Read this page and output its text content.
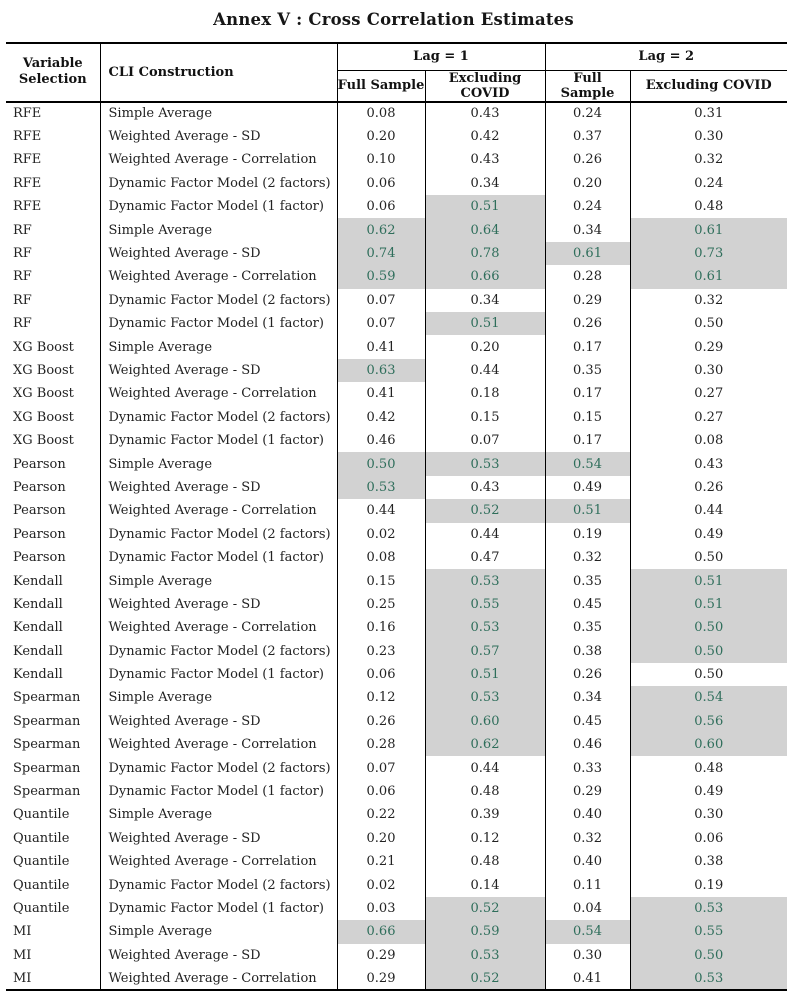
Annex V : Cross Correlation Estimates
Variable Selection	CLI Construction	Lag = 1		Lag = 2	
		Full Sample	Excluding COVID	Full Sample	Excluding COVID
RFE	Simple Average	0.08	0.43	0.24	0.31
RFE	Weighted Average - SD	0.20	0.42	0.37	0.30
RFE	Weighted Average - Correlation	0.10	0.43	0.26	0.32
RFE	Dynamic Factor Model (2 factors)	0.06	0.34	0.20	0.24
RFE	Dynamic Factor Model (1 factor)	0.06	0.51	0.24	0.48
RF	Simple Average	0.62	0.64	0.34	0.61
RF	Weighted Average - SD	0.74	0.78	0.61	0.73
RF	Weighted Average - Correlation	0.59	0.66	0.28	0.61
RF	Dynamic Factor Model (2 factors)	0.07	0.34	0.29	0.32
RF	Dynamic Factor Model (1 factor)	0.07	0.51	0.26	0.50
XG Boost	Simple Average	0.41	0.20	0.17	0.29
XG Boost	Weighted Average - SD	0.63	0.44	0.35	0.30
XG Boost	Weighted Average - Correlation	0.41	0.18	0.17	0.27
XG Boost	Dynamic Factor Model (2 factors)	0.42	0.15	0.15	0.27
XG Boost	Dynamic Factor Model (1 factor)	0.46	0.07	0.17	0.08
Pearson	Simple Average	0.50	0.53	0.54	0.43
Pearson	Weighted Average - SD	0.53	0.43	0.49	0.26
Pearson	Weighted Average - Correlation	0.44	0.52	0.51	0.44
Pearson	Dynamic Factor Model (2 factors)	0.02	0.44	0.19	0.49
Pearson	Dynamic Factor Model (1 factor)	0.08	0.47	0.32	0.50
Kendall	Simple Average	0.15	0.53	0.35	0.51
Kendall	Weighted Average - SD	0.25	0.55	0.45	0.51
Kendall	Weighted Average - Correlation	0.16	0.53	0.35	0.50
Kendall	Dynamic Factor Model (2 factors)	0.23	0.57	0.38	0.50
Kendall	Dynamic Factor Model (1 factor)	0.06	0.51	0.26	0.50
Spearman	Simple Average	0.12	0.53	0.34	0.54
Spearman	Weighted Average - SD	0.26	0.60	0.45	0.56
Spearman	Weighted Average - Correlation	0.28	0.62	0.46	0.60
Spearman	Dynamic Factor Model (2 factors)	0.07	0.44	0.33	0.48
Spearman	Dynamic Factor Model (1 factor)	0.06	0.48	0.29	0.49
Quantile	Simple Average	0.22	0.39	0.40	0.30
Quantile	Weighted Average - SD	0.20	0.12	0.32	0.06
Quantile	Weighted Average - Correlation	0.21	0.48	0.40	0.38
Quantile	Dynamic Factor Model (2 factors)	0.02	0.14	0.11	0.19
Quantile	Dynamic Factor Model (1 factor)	0.03	0.52	0.04	0.53
MI	Simple Average	0.66	0.59	0.54	0.55
MI	Weighted Average - SD	0.29	0.53	0.30	0.50
MI	Weighted Average - Correlation	0.29	0.52	0.41	0.53
